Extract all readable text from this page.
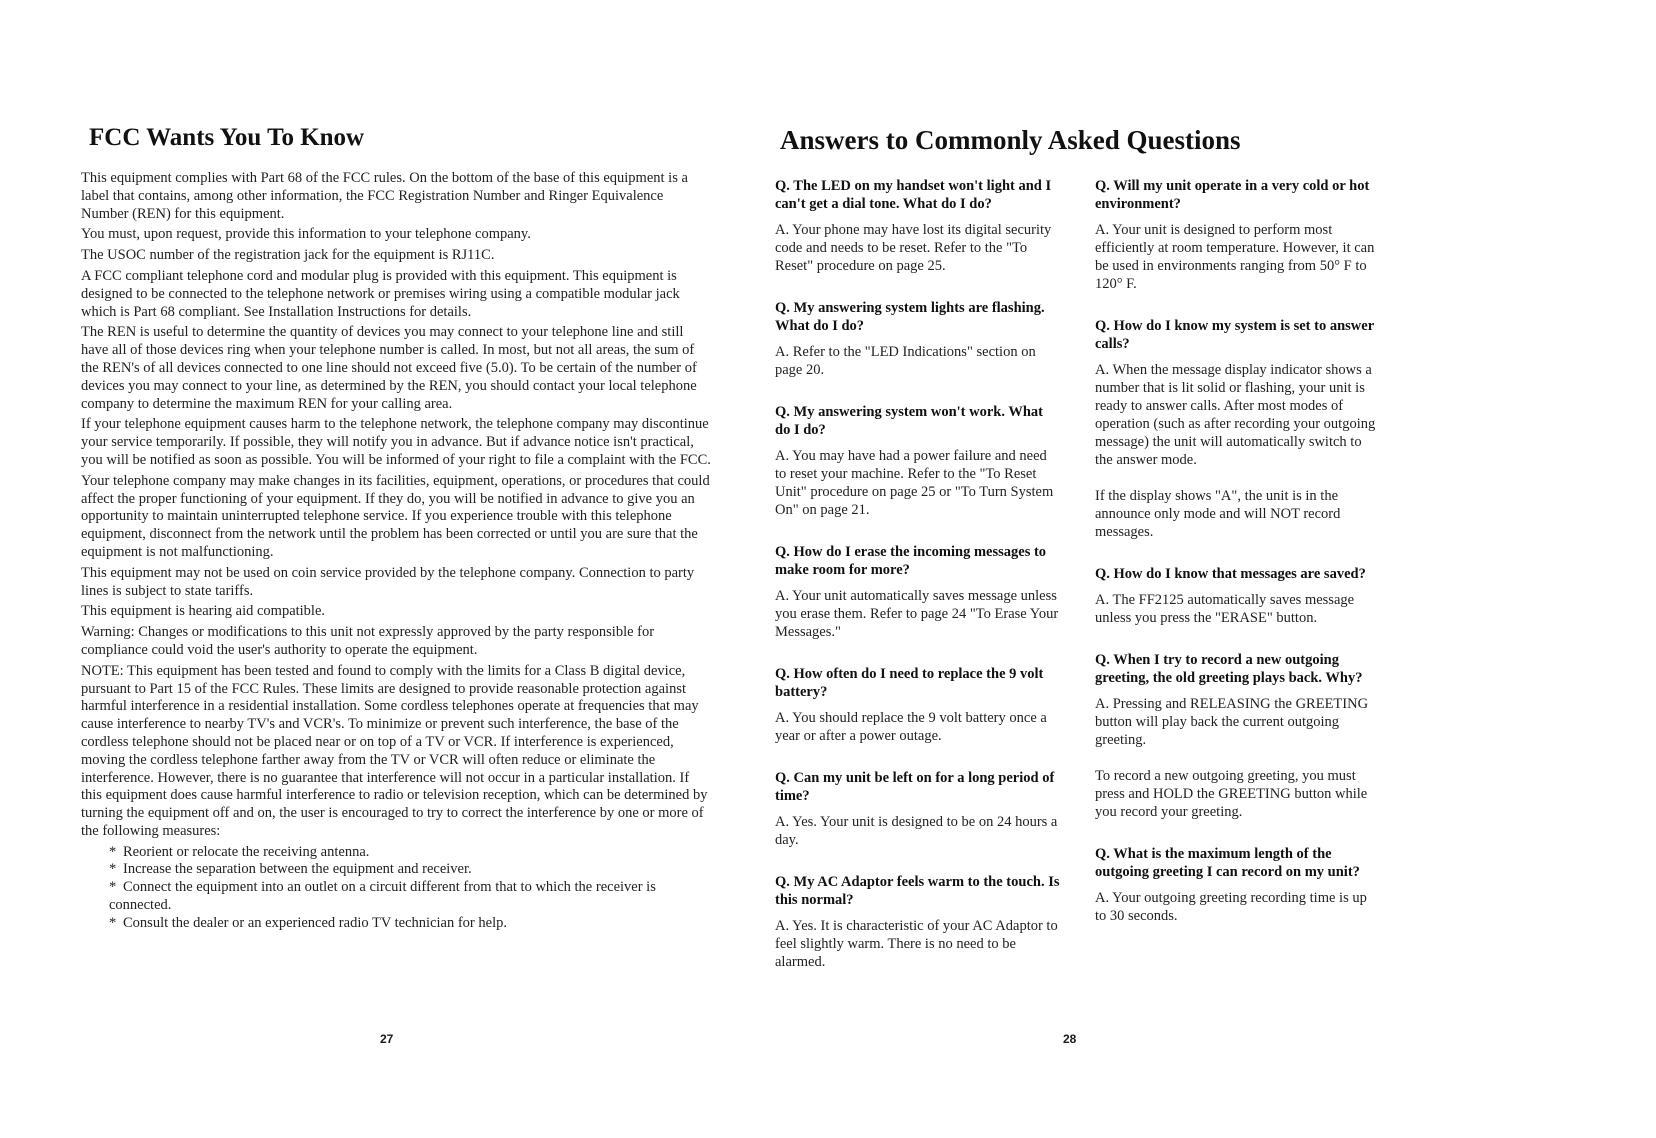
FCC Wants You To Know

This equipment complies with Part 68 of the FCC rules. On the bottom of the base of this equipment is a label that contains, among other information, the FCC Registration Number and Ringer Equivalence Number (REN) for this equipment.

You must, upon request, provide this information to your telephone company.

The USOC number of the registration jack for the equipment is RJ11C.

A FCC compliant telephone cord and modular plug is provided with this equipment. This equipment is designed to be connected to the telephone network or premises wiring using a compatible modular jack which is Part 68 compliant. See Installation Instructions for details.

The REN is useful to determine the quantity of devices you may connect to your telephone line and still have all of those devices ring when your telephone number is called. In most, but not all areas, the sum of the REN's of all devices connected to one line should not exceed five (5.0). To be certain of the number of devices you may connect to your line, as determined by the REN, you should contact your local telephone company to determine the maximum REN for your calling area.

If your telephone equipment causes harm to the telephone network, the telephone company may discontinue your service temporarily. If possible, they will notify you in advance. But if advance notice isn't practical, you will be notified as soon as possible. You will be informed of your right to file a complaint with the FCC.

Your telephone company may make changes in its facilities, equipment, operations, or procedures that could affect the proper functioning of your equipment. If they do, you will be notified in advance to give you an opportunity to maintain uninterrupted telephone service. If you experience trouble with this telephone equipment, disconnect from the network until the problem has been corrected or until you are sure that the equipment is not malfunctioning.

This equipment may not be used on coin service provided by the telephone company. Connection to party lines is subject to state tariffs.

This equipment is hearing aid compatible.

Warning: Changes or modifications to this unit not expressly approved by the party responsible for compliance could void the user's authority to operate the equipment.

NOTE: This equipment has been tested and found to comply with the limits for a Class B digital device, pursuant to Part 15 of the FCC Rules. These limits are designed to provide reasonable protection against harmful interference in a residential installation. Some cordless telephones operate at frequencies that may cause interference to nearby TV's and VCR's. To minimize or prevent such interference, the base of the cordless telephone should not be placed near or on top of a TV or VCR. If interference is experienced, moving the cordless telephone farther away from the TV or VCR will often reduce or eliminate the interference. However, there is no guarantee that interference will not occur in a particular installation. If this equipment does cause harmful interference to radio or television reception, which can be determined by turning the equipment off and on, the user is encouraged to try to correct the interference by one or more of the following measures:

* Reorient or relocate the receiving antenna.
* Increase the separation between the equipment and receiver.
* Connect the equipment into an outlet on a circuit different from that to which the receiver is connected.
* Consult the dealer or an experienced radio TV technician for help.

27

Answers to Commonly Asked Questions

Q. The LED on my handset won't light and I can't get a dial tone. What do I do?

A. Your phone may have lost its digital security code and needs to be reset. Refer to the "To Reset" procedure on page 25.

Q. My answering system lights are flashing. What do I do?

A. Refer to the "LED Indications" section on page 20.

Q. My answering system won't work. What do I do?

A. You may have had a power failure and need to reset your machine. Refer to the "To Reset Unit" procedure on page 25 or "To Turn System On" on page 21.

Q. How do I erase the incoming messages to make room for more?

A. Your unit automatically saves message unless you erase them. Refer to page 24 "To Erase Your Messages."

Q. How often do I need to replace the 9 volt battery?

A. You should replace the 9 volt battery once a year or after a power outage.

Q. Can my unit be left on for a long period of time?

A. Yes. Your unit is designed to be on 24 hours a day.

Q. My AC Adaptor feels warm to the touch. Is this normal?

A. Yes. It is characteristic of your AC Adaptor to feel slightly warm. There is no need to be alarmed.

Q. Will my unit operate in a very cold or hot environment?

A. Your unit is designed to perform most efficiently at room temperature. However, it can be used in environments ranging from 50° F to 120° F.

Q. How do I know my system is set to answer calls?

A. When the message display indicator shows a number that is lit solid or flashing, your unit is ready to answer calls. After most modes of operation (such as after recording your outgoing message) the unit will automatically switch to the answer mode.

If the display shows "A", the unit is in the announce only mode and will NOT record messages.

Q. How do I know that messages are saved?

A. The FF2125 automatically saves message unless you press the "ERASE" button.

Q. When I try to record a new outgoing greeting, the old greeting plays back. Why?

A. Pressing and RELEASING the GREETING button will play back the current outgoing greeting.

To record a new outgoing greeting, you must press and HOLD the GREETING button while you record your greeting.

Q. What is the maximum length of the outgoing greeting I can record on my unit?

A. Your outgoing greeting recording time is up to 30 seconds.

28
